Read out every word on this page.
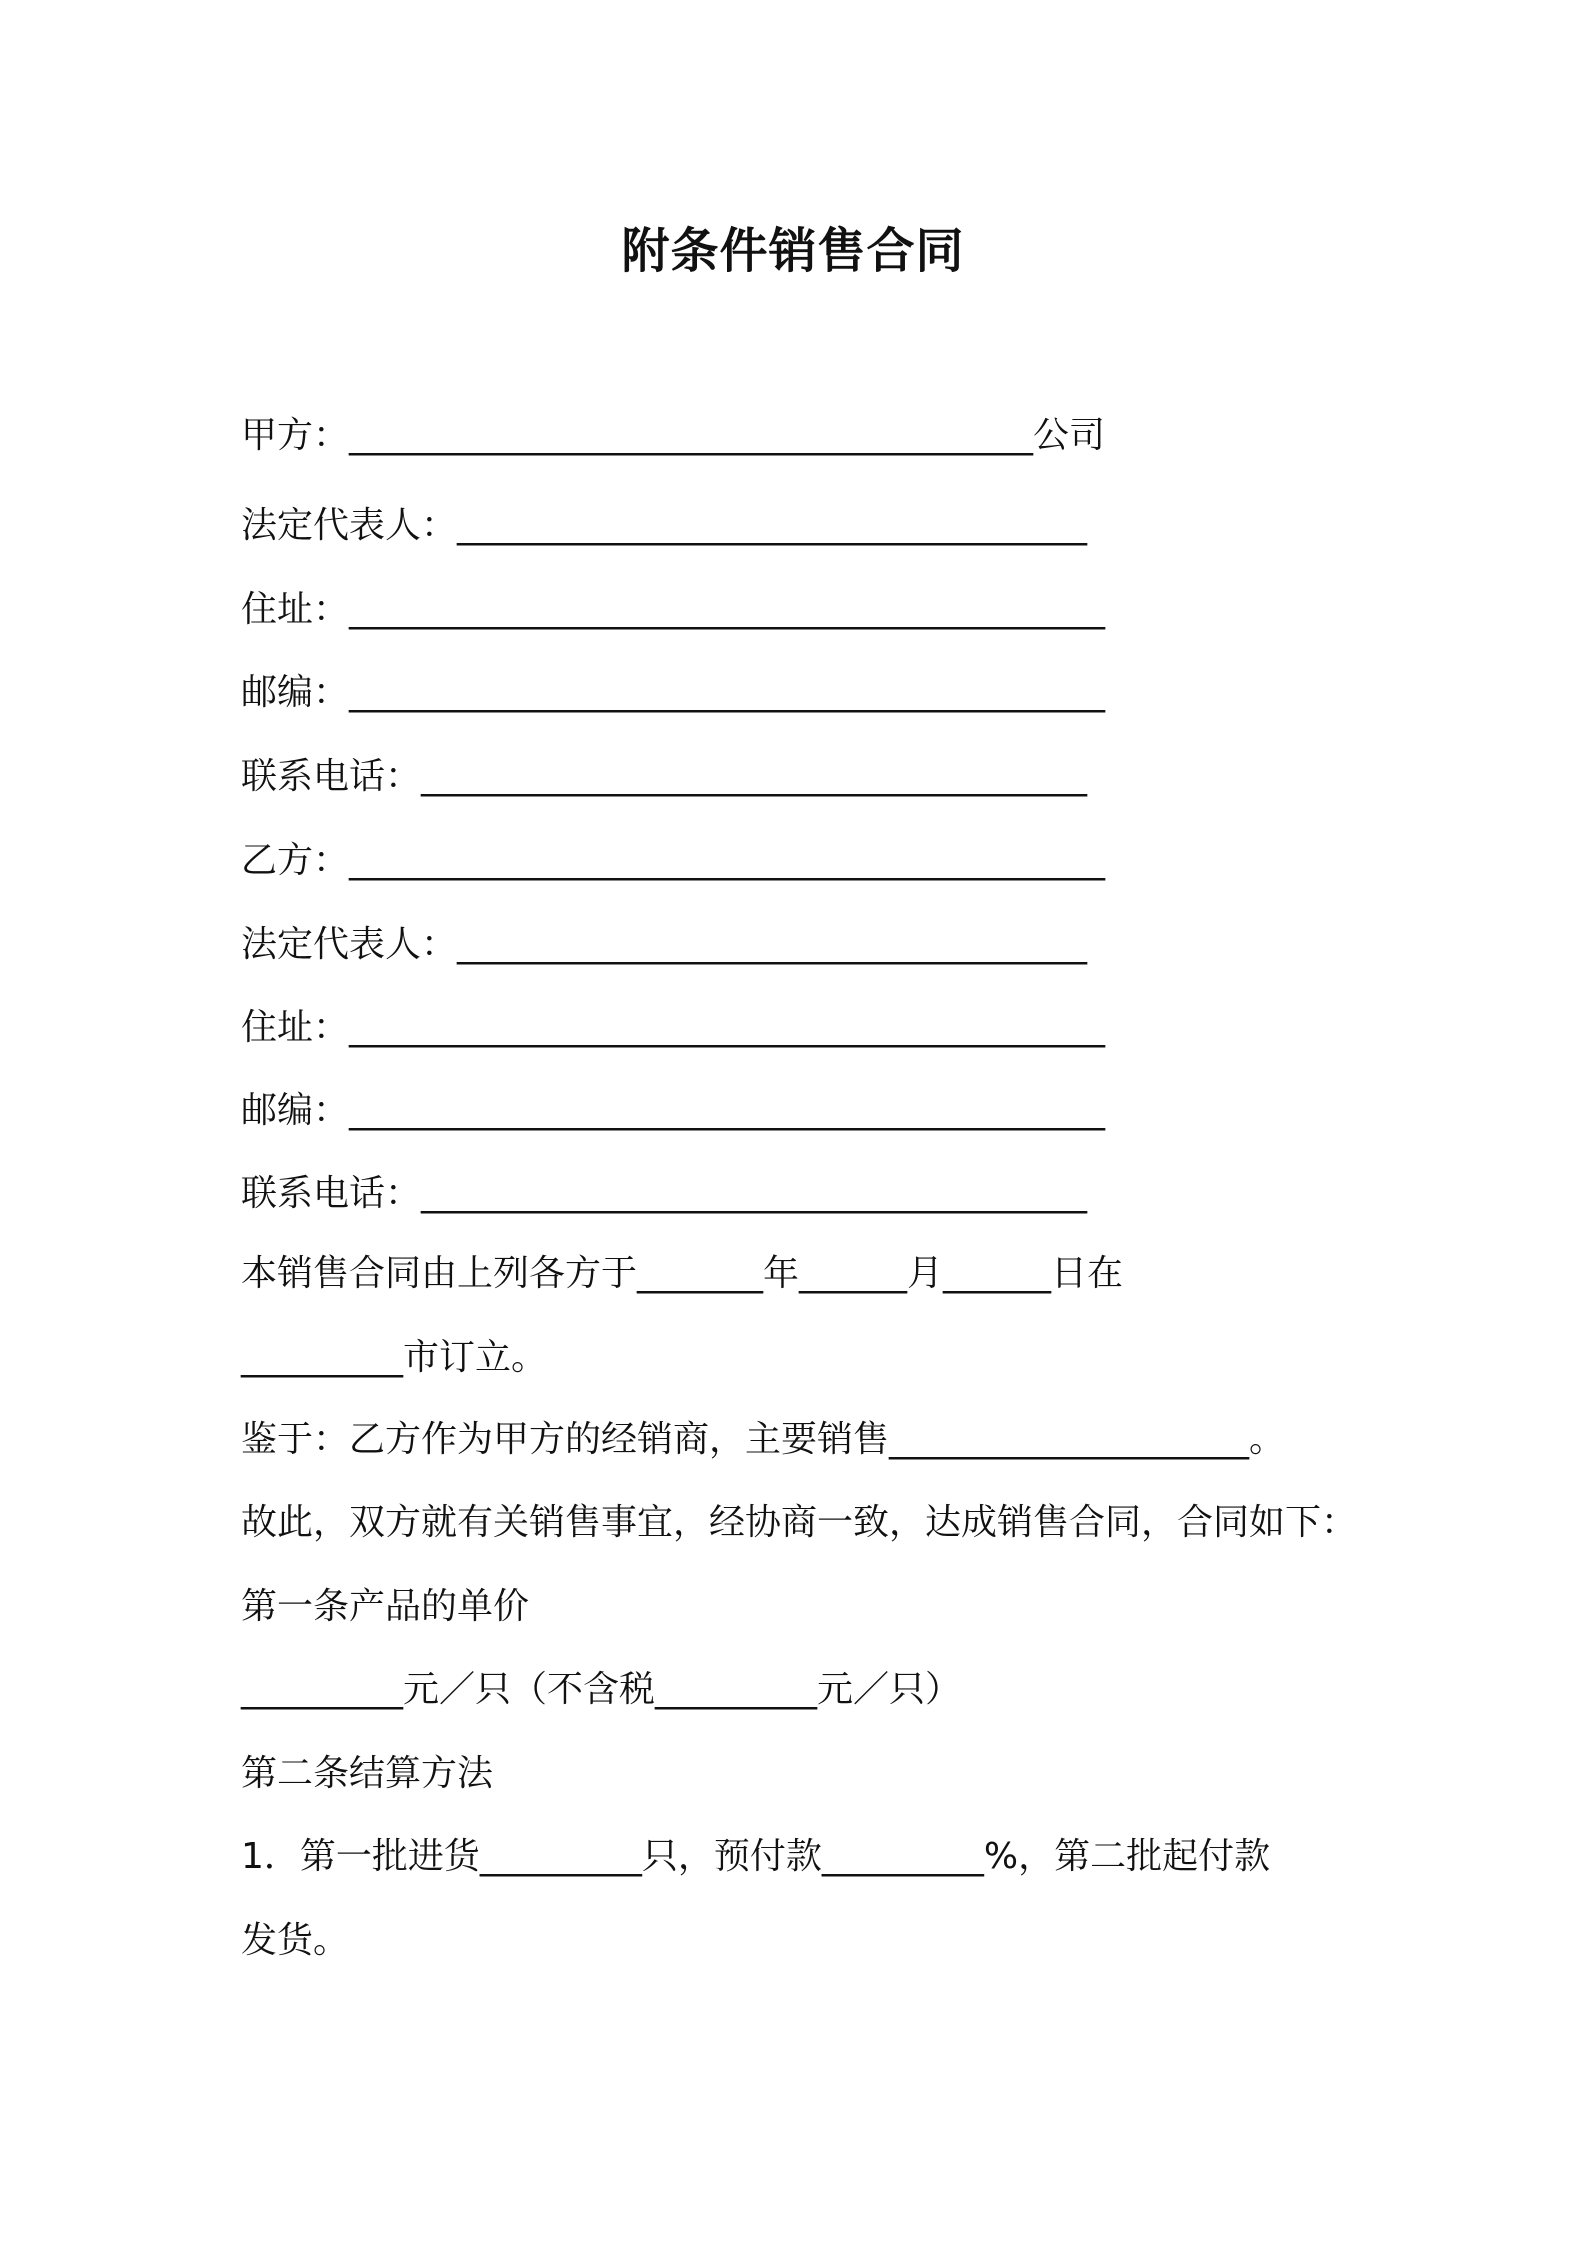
附条件销售合同
甲方：______________________________________公司
法定代表人：___________________________________
住址：__________________________________________
邮编：__________________________________________
联系电话：_____________________________________
乙方：__________________________________________
法定代表人：___________________________________
住址：__________________________________________
邮编：__________________________________________
联系电话：_____________________________________
本销售合同由上列各方于_______年______月______日在
_________市订立。
鉴于：乙方作为甲方的经销商，主要销售____________________。
故此，双方就有关销售事宜，经协商一致，达成销售合同，合同如下：
第一条产品的单价
_________元／只（不含税_________元／只）
第二条结算方法
1．第一批进货_________只，预付款_________%，第二批起付款
发货。
